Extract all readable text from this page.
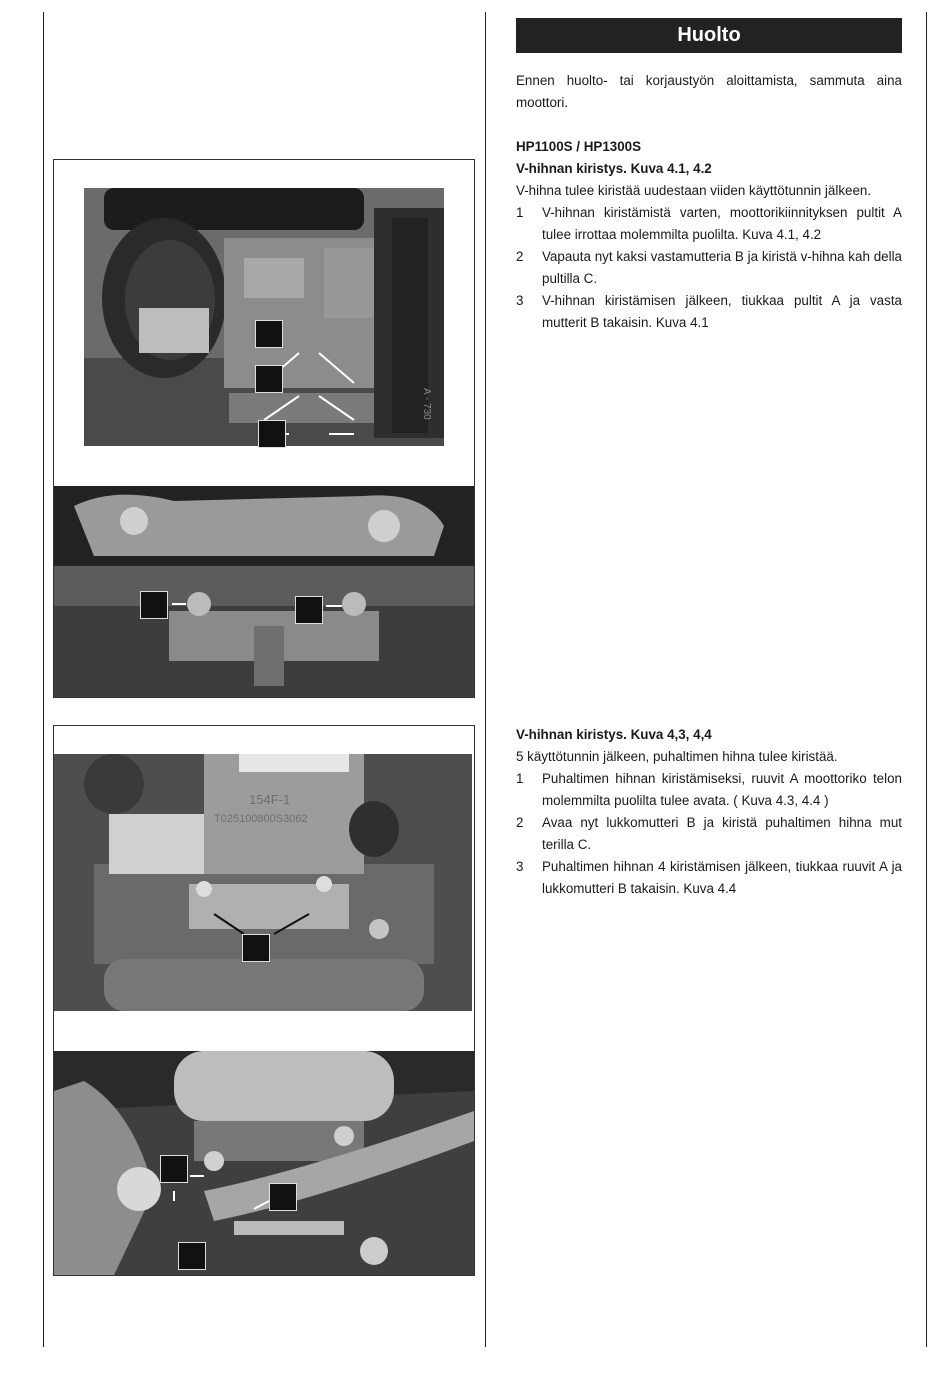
A - 730
154F-1
T025100800S3062
Huolto

Ennen huolto- tai korjaustyön aloittamista, sammuta aina moottori.

HP1100S / HP1300S

V-hihnan kiristys. Kuva 4.1, 4.2

V-hihna tulee kiristää uudestaan viiden käyttötunnin jälkeen.

1 V-hihnan kiristämistä varten, moottorikiinnityksen pultit A tulee irrottaa molemmilta puolilta. Kuva 4.1, 4.2

2 Vapauta nyt kaksi vastamutteria B ja kiristä v-hihna kah della pultilla C.

3 V-hihnan kiristämisen jälkeen, tiukkaa pultit A ja vasta mutterit B takaisin. Kuva 4.1

V-hihnan kiristys. Kuva 4,3, 4,4

5 käyttötunnin jälkeen, puhaltimen hihna tulee kiristää.

1 Puhaltimen hihnan kiristämiseksi, ruuvit A moottoriko telon molemmilta puolilta tulee avata. ( Kuva 4.3, 4.4 )

2 Avaa nyt lukkomutteri B ja kiristä puhaltimen hihna mut terilla C.

3 Puhaltimen hihnan 4 kiristämisen jälkeen, tiukkaa ruuvit A ja lukkomutteri B takaisin. Kuva 4.4
